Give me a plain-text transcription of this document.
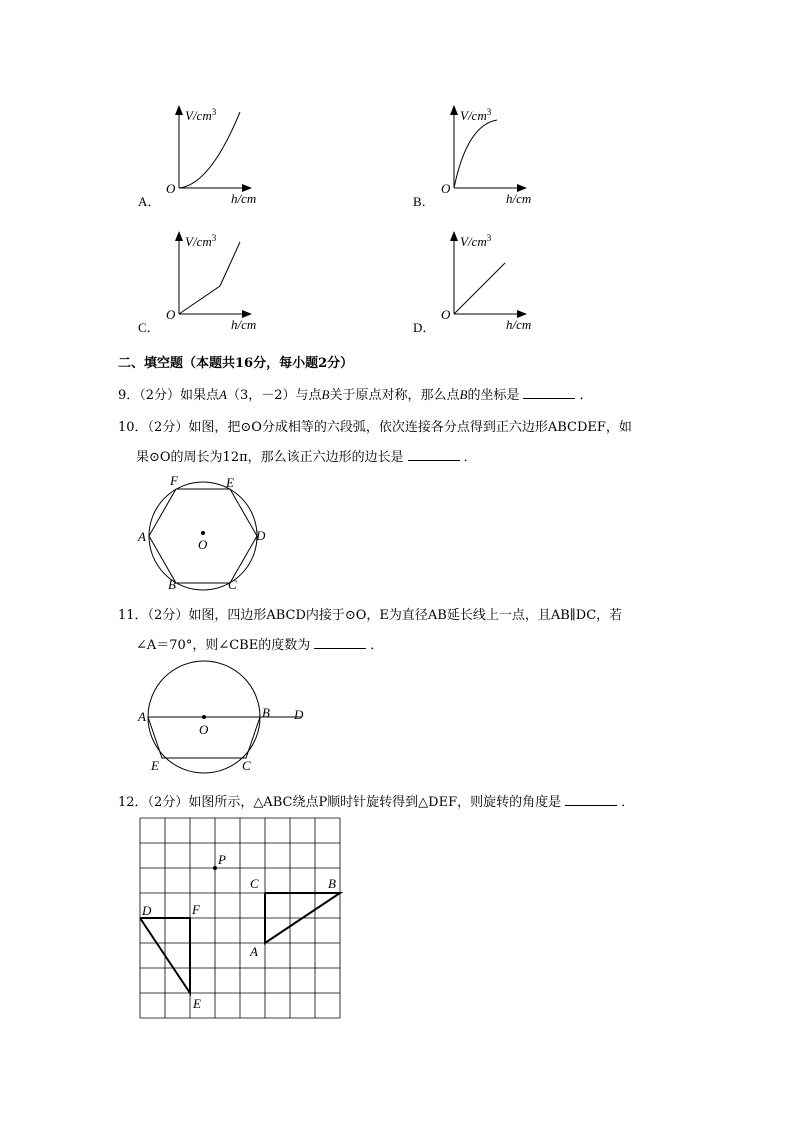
$V/cm^3$
O
h/cm
A．
$V/cm^3$
O
h/cm
B．
$V/cm^3$
O
h/cm
C．
$V/cm^3$
O
h/cm
D．
二、填空题（本题共16分，每小题2分）
9．（2分）如果点A（3，－2）与点B关于原点对称，那么点B的坐标是	．
10．（2分）如图，把⊙O分成相等的六段弧，依次连接各分点得到正六边形ABCDEF，如
果⊙O的周长为12π，那么该正六边形的边长是	．
O
A
B	C
D
E
F
11．（2分）如图，四边形ABCD内接于⊙O，E为直径AB延长线上一点，且AB∥DC，若
∠A＝70°，则∠CBE的度数为	．
A	B D
O
E	C
12．（2分）如图所示，△ABC绕点P顺时针旋转得到△DEF，则旋转的角度是	．
P
C	B
A
D	F
E
